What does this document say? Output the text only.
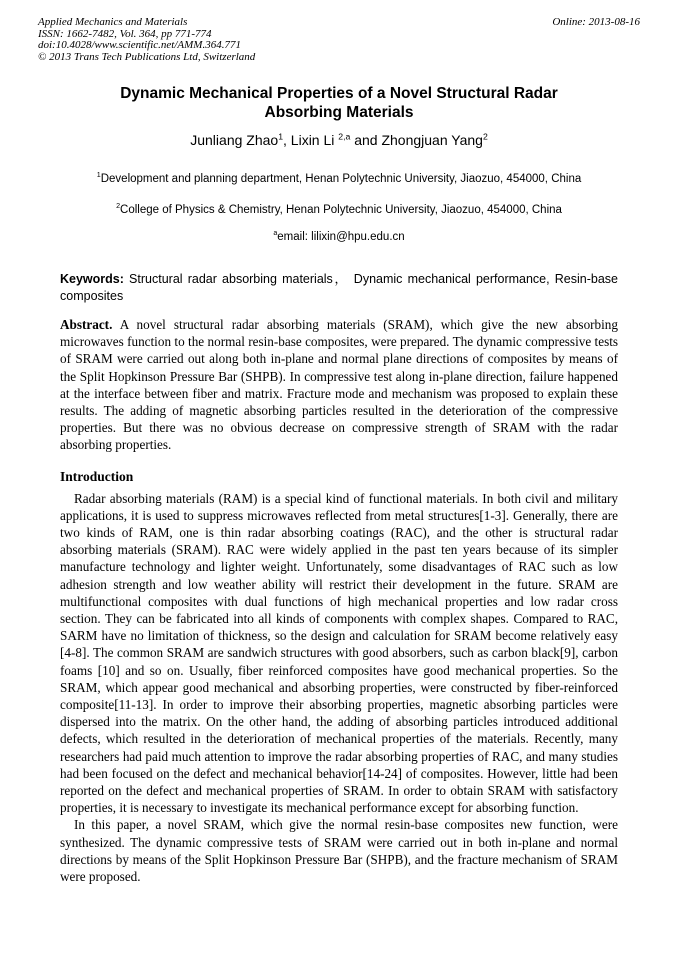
Applied Mechanics and Materials
ISSN: 1662-7482, Vol. 364, pp 771-774
doi:10.4028/www.scientific.net/AMM.364.771
© 2013 Trans Tech Publications Ltd, Switzerland
Online: 2013-08-16
Dynamic Mechanical Properties of a Novel Structural Radar
Absorbing Materials
Junliang Zhao$^1$, Lixin Li $^{2,a}$ and Zhongjuan Yang$^2$
$^1$Development and planning department, Henan Polytechnic University, Jiaozuo, 454000, China
$^2$College of Physics & Chemistry, Henan Polytechnic University, Jiaozuo, 454000, China
$^a$email: lilixin@hpu.edu.cn

Keywords: Structural radar absorbing materials， Dynamic mechanical performance, Resin-base composites

Abstract. A novel structural radar absorbing materials (SRAM), which give the new absorbing microwaves function to the normal resin-base composites, were prepared. The dynamic compressive tests of SRAM were carried out along both in-plane and normal plane directions of composites by means of the Split Hopkinson Pressure Bar (SHPB). In compressive test along in-plane direction, failure happened at the interface between fiber and matrix. Fracture mode and mechanism was proposed to explain these results. The adding of magnetic absorbing particles resulted in the deterioration of the compressive properties. But there was no obvious decrease on compressive strength of SRAM with the radar absorbing properties.

Introduction

Radar absorbing materials (RAM) is a special kind of functional materials. In both civil and military applications, it is used to suppress microwaves reflected from metal structures[1-3]. Generally, there are two kinds of RAM, one is thin radar absorbing coatings (RAC), and the other is structural radar absorbing materials (SRAM). RAC were widely applied in the past ten years because of its simpler manufacture technology and lighter weight. Unfortunately, some disadvantages of RAC such as low adhesion strength and low weather ability will restrict their development in the future. SRAM are multifunctional composites with dual functions of high mechanical properties and low radar cross section. They can be fabricated into all kinds of components with complex shapes. Compared to RAC, SARM have no limitation of thickness, so the design and calculation for SRAM become relatively easy [4-8]. The common SRAM are sandwich structures with good absorbers, such as carbon black[9], carbon foams [10] and so on. Usually, fiber reinforced composites have good mechanical properties. So the SRAM, which appear good mechanical and absorbing properties, were constructed by fiber-reinforced composite[11-13]. In order to improve their absorbing properties, magnetic absorbing particles were dispersed into the matrix. On the other hand, the adding of absorbing particles introduced additional defects, which resulted in the deterioration of mechanical properties of the materials. Recently, many researchers had paid much attention to improve the radar absorbing properties of RAC, and many studies had been focused on the defect and mechanical behavior[14-24] of composites. However, little had been reported on the defect and mechanical properties of SRAM. In order to obtain SRAM with satisfactory properties, it is necessary to investigate its mechanical performance except for absorbing function.

In this paper, a novel SRAM, which give the normal resin-base composites new function, were synthesized. The dynamic compressive tests of SRAM were carried out in both in-plane and normal directions by means of the Split Hopkinson Pressure Bar (SHPB), and the fracture mechanism of SRAM were proposed.
